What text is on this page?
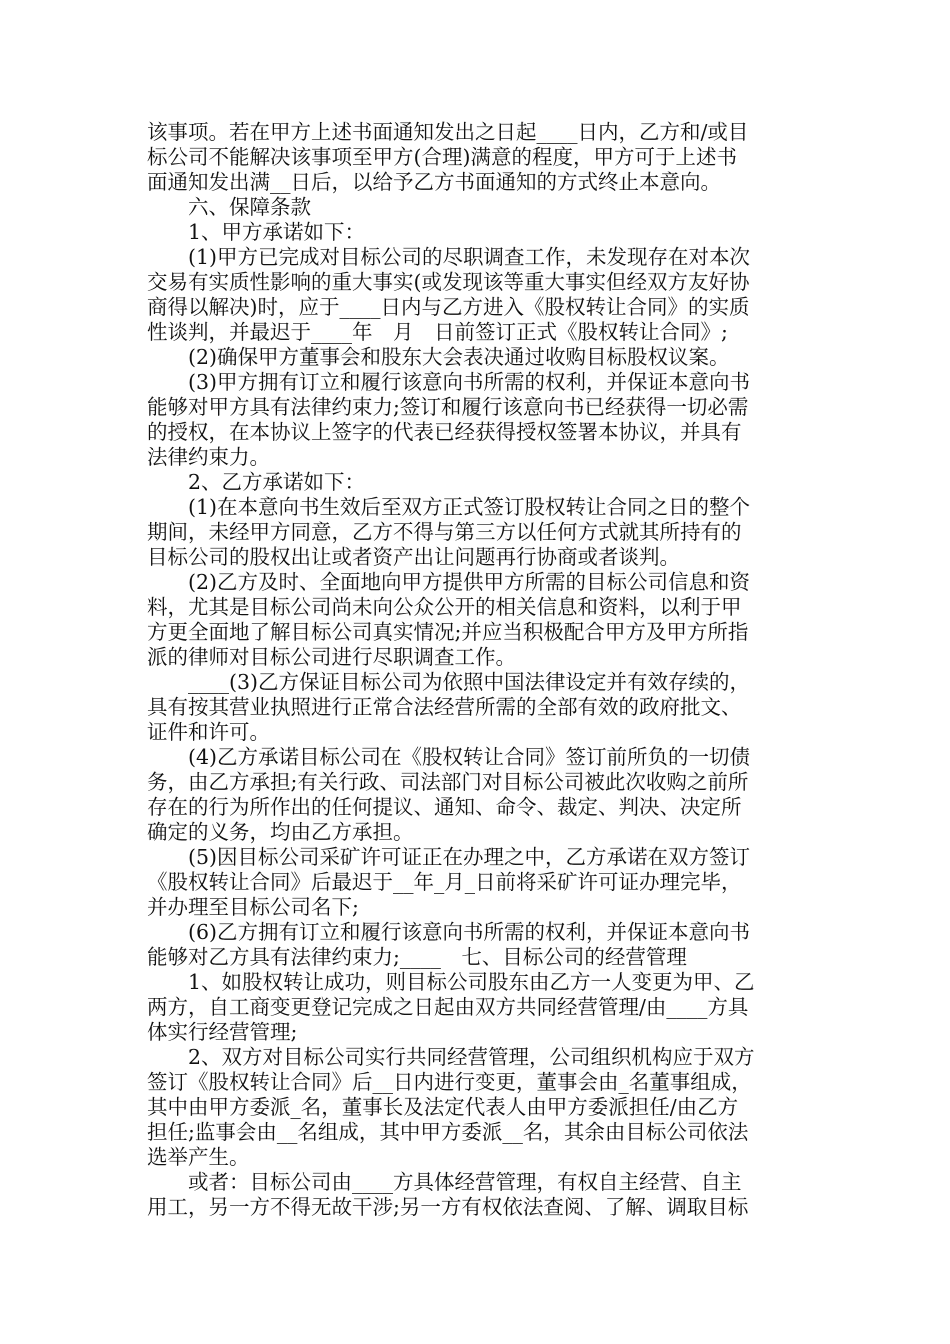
该事项。若在甲方上述书面通知发出之日起____日内，乙方和/或目
标公司不能解决该事项至甲方(合理)满意的程度，甲方可于上述书
面通知发出满__日后，以给予乙方书面通知的方式终止本意向。
　　六、保障条款
　　1、甲方承诺如下：
　　(1)甲方已完成对目标公司的尽职调查工作，未发现存在对本次
交易有实质性影响的重大事实(或发现该等重大事实但经双方友好协
商得以解决)时，应于____日内与乙方进入《股权转让合同》的实质
性谈判，并最迟于____年　月　日前签订正式《股权转让合同》;
　　(2)确保甲方董事会和股东大会表决通过收购目标股权议案。
　　(3)甲方拥有订立和履行该意向书所需的权利，并保证本意向书
能够对甲方具有法律约束力;签订和履行该意向书已经获得一切必需
的授权，在本协议上签字的代表已经获得授权签署本协议，并具有
法律约束力。
　　2、乙方承诺如下：
　　(1)在本意向书生效后至双方正式签订股权转让合同之日的整个
期间，未经甲方同意，乙方不得与第三方以任何方式就其所持有的
目标公司的股权出让或者资产出让问题再行协商或者谈判。
　　(2)乙方及时、全面地向甲方提供甲方所需的目标公司信息和资
料，尤其是目标公司尚未向公众公开的相关信息和资料，以利于甲
方更全面地了解目标公司真实情况;并应当积极配合甲方及甲方所指
派的律师对目标公司进行尽职调查工作。
　　____(3)乙方保证目标公司为依照中国法律设定并有效存续的，
具有按其营业执照进行正常合法经营所需的全部有效的政府批文、
证件和许可。
　　(4)乙方承诺目标公司在《股权转让合同》签订前所负的一切债
务，由乙方承担;有关行政、司法部门对目标公司被此次收购之前所
存在的行为所作出的任何提议、通知、命令、裁定、判决、决定所
确定的义务，均由乙方承担。
　　(5)因目标公司采矿许可证正在办理之中，乙方承诺在双方签订
《股权转让合同》后最迟于__年_月_日前将采矿许可证办理完毕，
并办理至目标公司名下;
　　(6)乙方拥有订立和履行该意向书所需的权利，并保证本意向书
能够对乙方具有法律约束力;____　七、目标公司的经营管理
　　1、如股权转让成功，则目标公司股东由乙方一人变更为甲、乙
两方，自工商变更登记完成之日起由双方共同经营管理/由____方具
体实行经营管理;
　　2、双方对目标公司实行共同经营管理，公司组织机构应于双方
签订《股权转让合同》后__日内进行变更，董事会由_名董事组成，
其中由甲方委派_名，董事长及法定代表人由甲方委派担任/由乙方
担任;监事会由__名组成，其中甲方委派__名，其余由目标公司依法
选举产生。
　　或者：目标公司由____方具体经营管理，有权自主经营、自主
用工，另一方不得无故干涉;另一方有权依法查阅、了解、调取目标
